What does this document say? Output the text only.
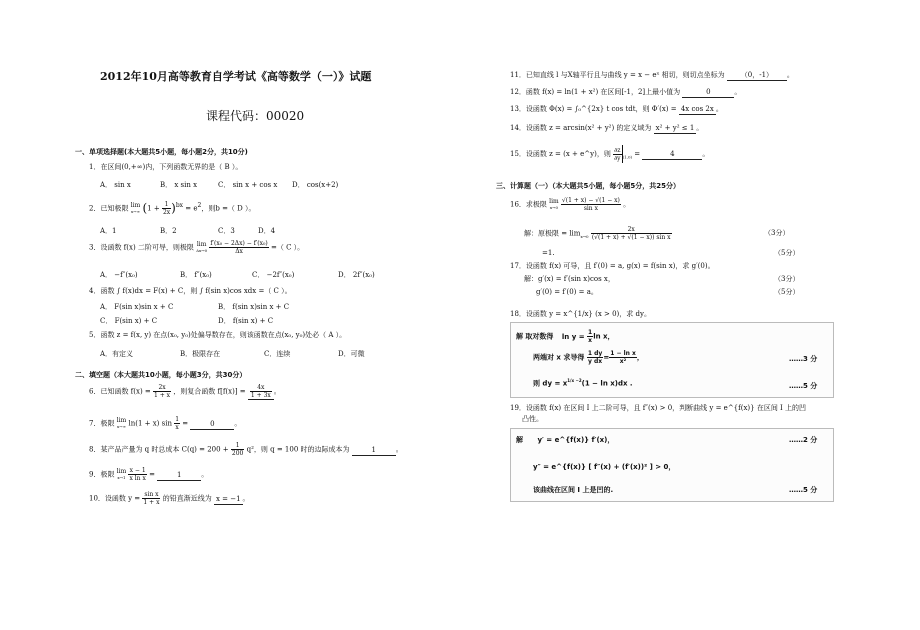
2012年10月高等教育自学考试《高等数学（一）》试题
课程代码：00020
一、单项选择题(本大题共5小题，每小题2分，共10分)
1．在区间(0,+∞)内，下列函数无界的是（ B ）。
A． sin x	B． x sin x	C． sin x + cos x D． cos(x+2)
2．已知极限 lim
x→∞ $(1 + \frac{1}{2x} )^{bx} = e^2$，则b =（ D ）。
A．1	B．2	C．3	D．4
3．设函数 f(x) 二阶可导，则极限 lim
Δx→0
$\frac{\text{f′(x₀ − 2Δx) − f′(x₀)}}{\Delta x}$ =（ C ）。
A． −f″(x₀)	B． f″(x₀)	C． −2f″(x₀)	D． 2f″(x₀)
4．函数 ∫ f(x)dx = F(x) + C，则 ∫ f(sin x)cos xdx =（ C ）。
A． F(sin x)sin x + C	B． f(sin x)sin x + C
C． F(sin x) + C	D． f(sin x) + C
5．函数 z = f(x, y) 在点(x₀, y₀)处偏导数存在，则该函数在点(x₀, y₀)处必（ A ）。
A．有定义	B．极限存在	C．连续	D．可微
二、填空题（本大题共10小题，每小题3分，共30分）
6．已知函数 $f(x) = \frac{2x}{1 + x}$ ，则复合函数 $f[f(x)] = \frac{4x}{1 + 3x}$ 。
7．极限 lim
x→∞ ln(1 + x) $\sin \frac{1}{x}$ =	0	。
8．某产品产量为 q 时总成本 $C(q) = 200 + \frac{1}{200} q^2$，则 q = 100 时的边际成本为	1	。
9．极限 lim
x→1
$\frac{x - 1}{\text{x ln x}}$ =	1	。
10．设函数 $y = \frac{\text{sin x}}{1 + x}$ 的铅直渐近线为 x = −1 。
11．已知直线 l 与X轴平行且与曲线 y = x − eˣ 相切，则切点坐标为 （0，-1） 。
12．函数 f(x) = ln(1 + x²) 在区间[-1，2]上最小值为	0	。
13．设函数 Φ(x) = ∫₀^{2x} t cos tdt，则 Φ′(x) = 4x cos 2x 。
14．设函数 z = arcsin(x² + y²) 的定义域为 x² + y² ≤ 1 。
15．设函数 z = (x + e^y)，则 $\frac{\partial z}{\partial y} _{(1,0)}$ =	4	。
三、计算题（一）（本大题共5小题，每小题5分，共25分）
16．求极限 lim
x→0
$\frac{√(1 + x) - √(1 - x)}{\text{sin x}}$ 。
解：原极限 = $\lim_{x\to 0} \frac{2x}{\text{(√(1 + x) + √(1 − x)) sin x}}$	（3分）
=1.	（5分）
17．设函数 f(x) 可导，且 f′(0) = a, g(x) = f(sin x)，求 g′(0)。
解：g′(x) = f′(sin x)cos x，	（3分）
g′(0) = f′(0) = a。	（5分）
18．设函数 y = x^{1/x} (x > 0)，求 dy。
解 取对数得 $\ln y = \frac{1}{x}$ ln x，
两端对 x 求导得 $\frac{1 dy}{\text{y dx}} = \frac{\text{1 − ln x}}{\text{x²}}$ ，	……3 分
则 dy = $x^{1/x -2}(1 - \ln x)dx$ .	……5 分
19．设函数 f(x) 在区间 I 上二阶可导，且 f″(x) > 0，判断曲线 y = e^{f(x)} 在区间 I 上的凹
凸性。
解 y′ = e^{f(x)} f′(x)，	……2 分
y″ = e^{f(x)} [ f″(x) + (f′(x))² ] > 0，
该曲线在区间 I 上是凹的.	……5 分
